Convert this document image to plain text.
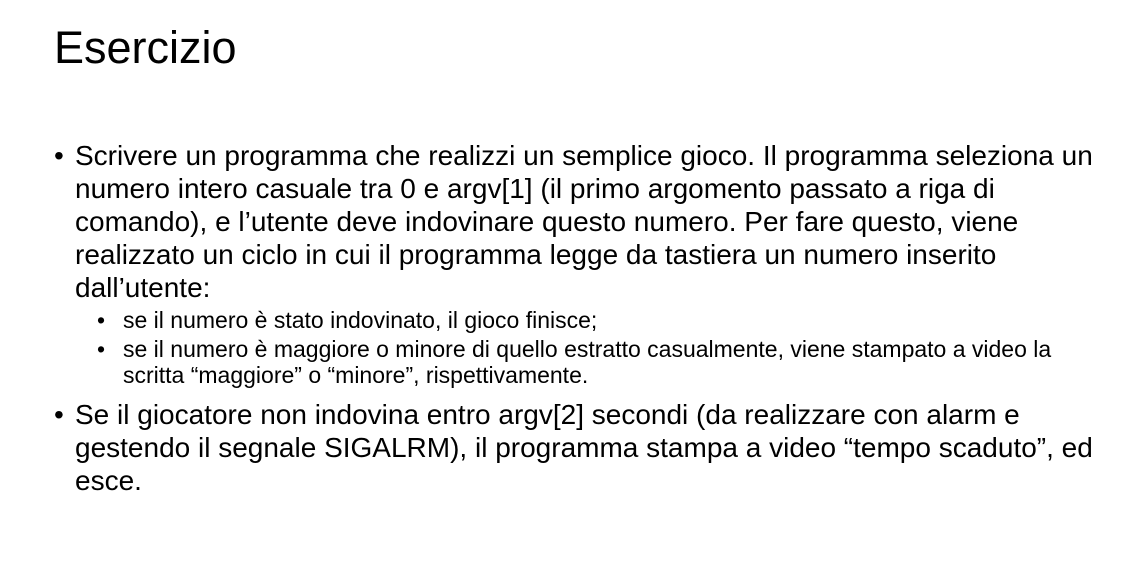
Esercizio
• Scrivere un programma che realizzi un semplice gioco. Il programma seleziona un numero intero casuale tra 0 e argv[1] (il primo argomento passato a riga di comando), e l’utente deve indovinare questo numero. Per fare questo, viene realizzato un ciclo in cui il programma legge da tastiera un numero inserito dall’utente:
• se il numero è stato indovinato, il gioco finisce;
• se il numero è maggiore o minore di quello estratto casualmente, viene stampato a video la scritta “maggiore” o “minore”, rispettivamente.
• Se il giocatore non indovina entro argv[2] secondi (da realizzare con alarm e gestendo il segnale SIGALRM), il programma stampa a video “tempo scaduto”, ed esce.
